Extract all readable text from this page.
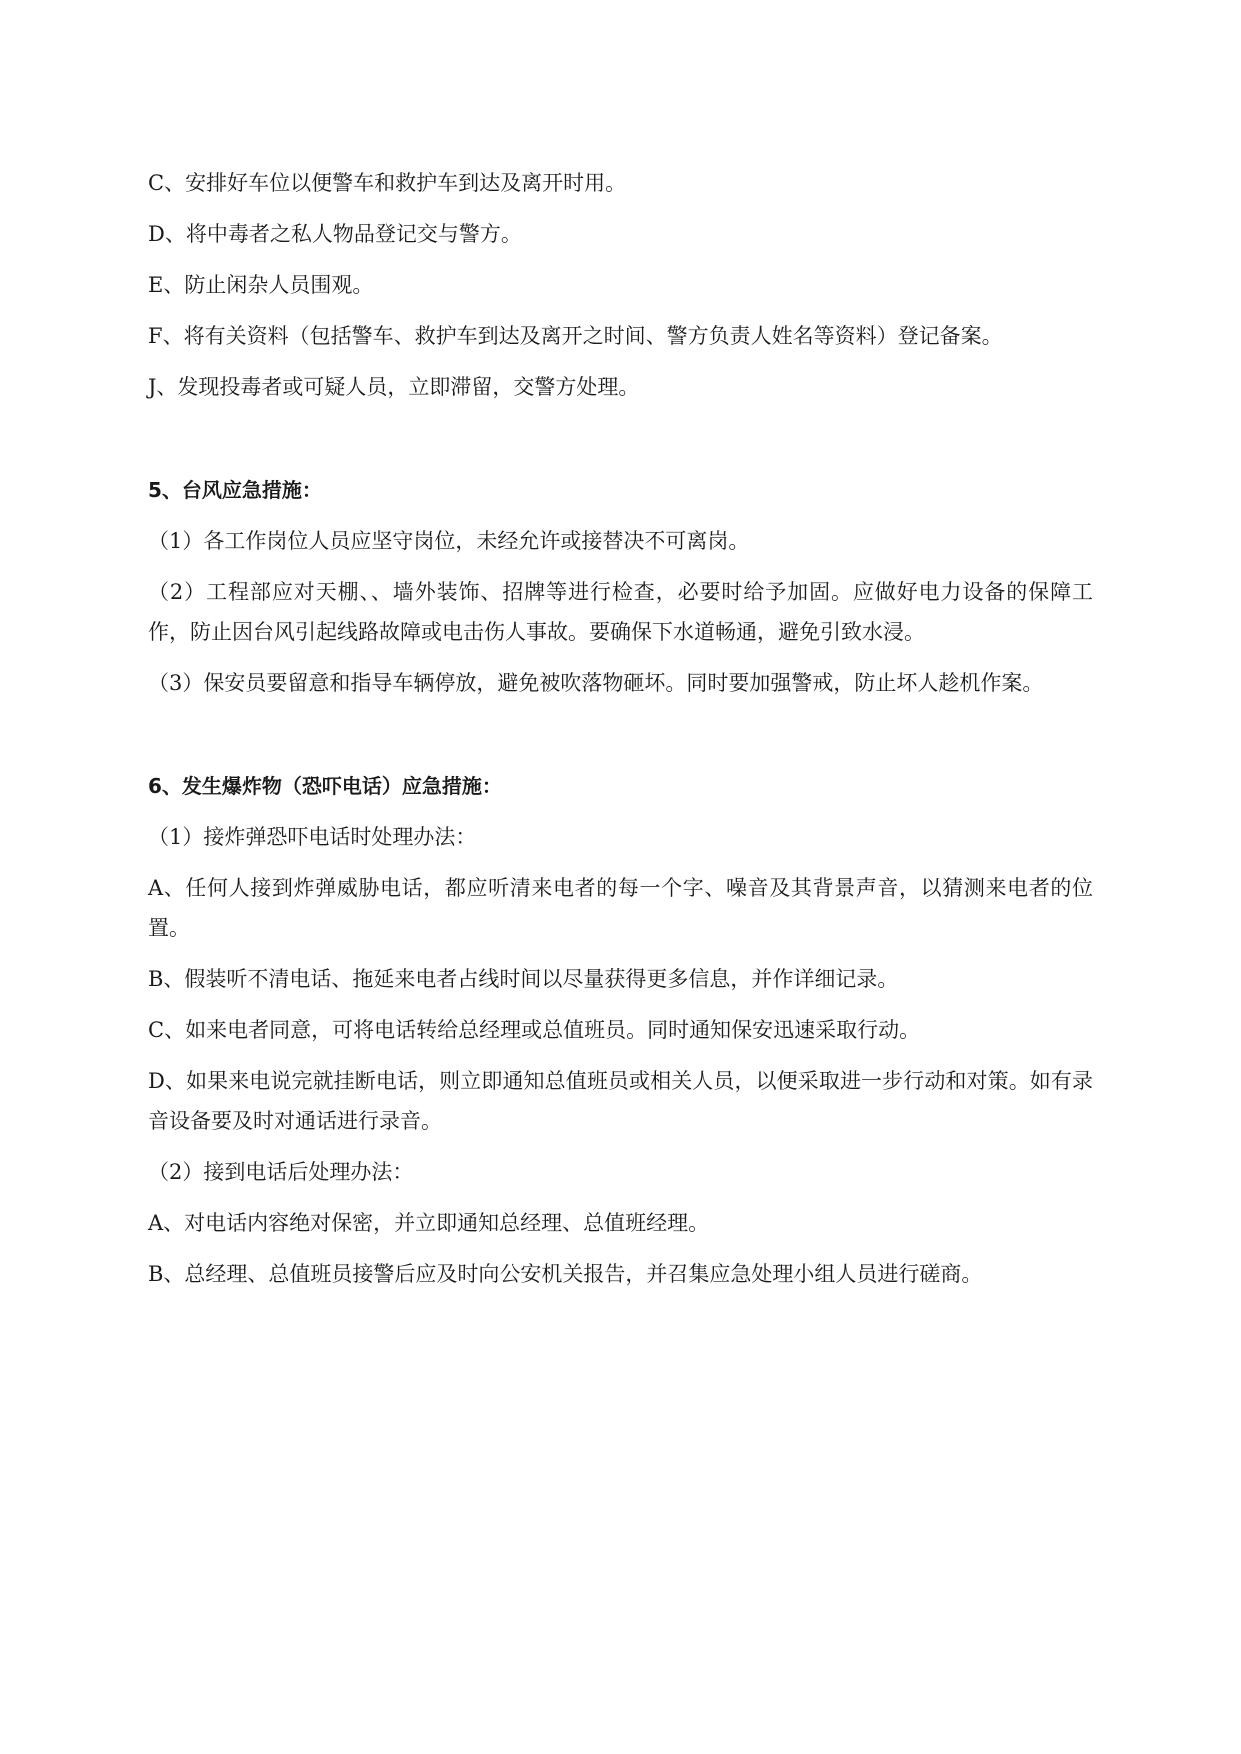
C、安排好车位以便警车和救护车到达及离开时用。

D、将中毒者之私人物品登记交与警方。

E、防止闲杂人员围观。

F、将有关资料（包括警车、救护车到达及离开之时间、警方负责人姓名等资料）登记备案。

J、发现投毒者或可疑人员，立即滞留，交警方处理。

5、台风应急措施：

（1）各工作岗位人员应坚守岗位，未经允许或接替决不可离岗。

（2）工程部应对天棚、、墙外装饰、招牌等进行检查，必要时给予加固。应做好电力设备的保障工作，防止因台风引起线路故障或电击伤人事故。要确保下水道畅通，避免引致水浸。

（3）保安员要留意和指导车辆停放，避免被吹落物砸坏。同时要加强警戒，防止坏人趁机作案。

6、发生爆炸物（恐吓电话）应急措施：

（1）接炸弹恐吓电话时处理办法：

A、任何人接到炸弹威胁电话，都应听清来电者的每一个字、噪音及其背景声音，以猜测来电者的位置。

B、假装听不清电话、拖延来电者占线时间以尽量获得更多信息，并作详细记录。

C、如来电者同意，可将电话转给总经理或总值班员。同时通知保安迅速采取行动。

D、如果来电说完就挂断电话，则立即通知总值班员或相关人员，以便采取进一步行动和对策。如有录音设备要及时对通话进行录音。

（2）接到电话后处理办法：

A、对电话内容绝对保密，并立即通知总经理、总值班经理。

B、总经理、总值班员接警后应及时向公安机关报告，并召集应急处理小组人员进行磋商。
